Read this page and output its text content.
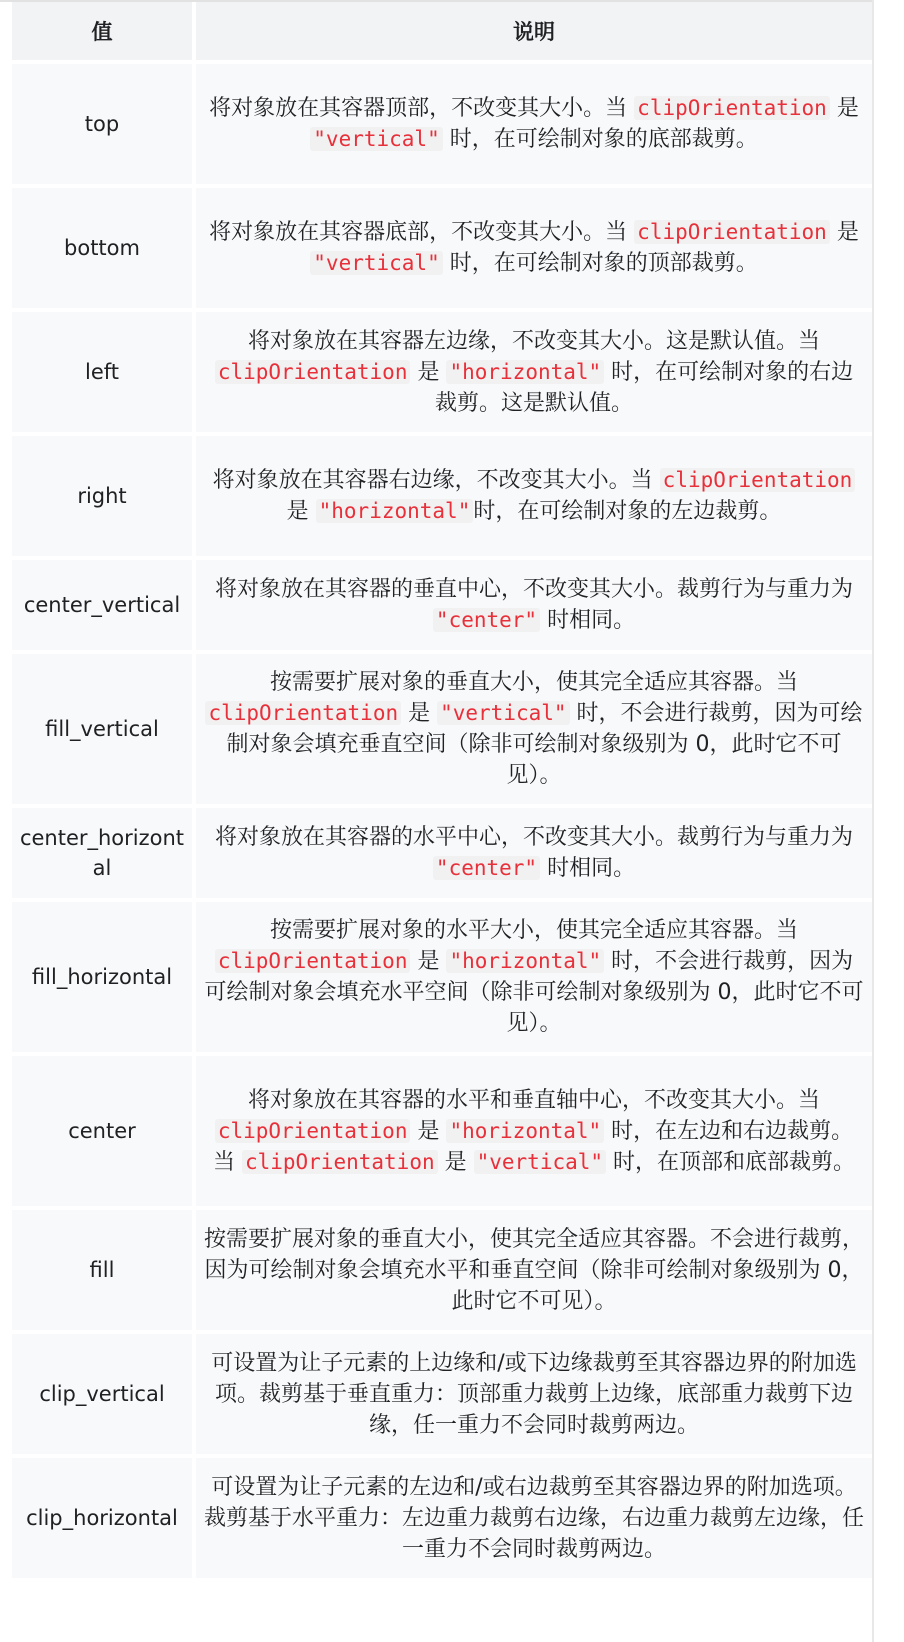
值	说明
top	将对象放在其容器顶部，不改变其大小。当 clipOrientation 是 "vertical" 时，在可绘制对象的底部裁剪。
bottom	将对象放在其容器底部，不改变其大小。当 clipOrientation 是 "vertical" 时，在可绘制对象的顶部裁剪。
left	将对象放在其容器左边缘，不改变其大小。这是默认值。当 clipOrientation 是 "horizontal" 时，在可绘制对象的右边裁剪。这是默认值。
right	将对象放在其容器右边缘，不改变其大小。当 clipOrientation 是 "horizontal" 时，在可绘制对象的左边裁剪。
center_vertical	将对象放在其容器的垂直中心，不改变其大小。裁剪行为与重力为 "center" 时相同。
fill_vertical	按需要扩展对象的垂直大小，使其完全适应其容器。当 clipOrientation 是 "vertical" 时，不会进行裁剪，因为可绘制对象会填充垂直空间（除非可绘制对象级别为 0，此时它不可见）。
center_horizontal	将对象放在其容器的水平中心，不改变其大小。裁剪行为与重力为 "center" 时相同。
fill_horizontal	按需要扩展对象的水平大小，使其完全适应其容器。当 clipOrientation 是 "horizontal" 时，不会进行裁剪，因为可绘制对象会填充水平空间（除非可绘制对象级别为 0，此时它不可见）。
center	将对象放在其容器的水平和垂直轴中心，不改变其大小。当 clipOrientation 是 "horizontal" 时，在左边和右边裁剪。当 clipOrientation 是 "vertical" 时，在顶部和底部裁剪。
fill	按需要扩展对象的垂直大小，使其完全适应其容器。不会进行裁剪，因为可绘制对象会填充水平和垂直空间（除非可绘制对象级别为 0，此时它不可见）。
clip_vertical	可设置为让子元素的上边缘和/或下边缘裁剪至其容器边界的附加选项。裁剪基于垂直重力：顶部重力裁剪上边缘，底部重力裁剪下边缘，任一重力不会同时裁剪两边。
clip_horizontal	可设置为让子元素的左边和/或右边裁剪至其容器边界的附加选项。裁剪基于水平重力：左边重力裁剪右边缘，右边重力裁剪左边缘，任一重力不会同时裁剪两边。
